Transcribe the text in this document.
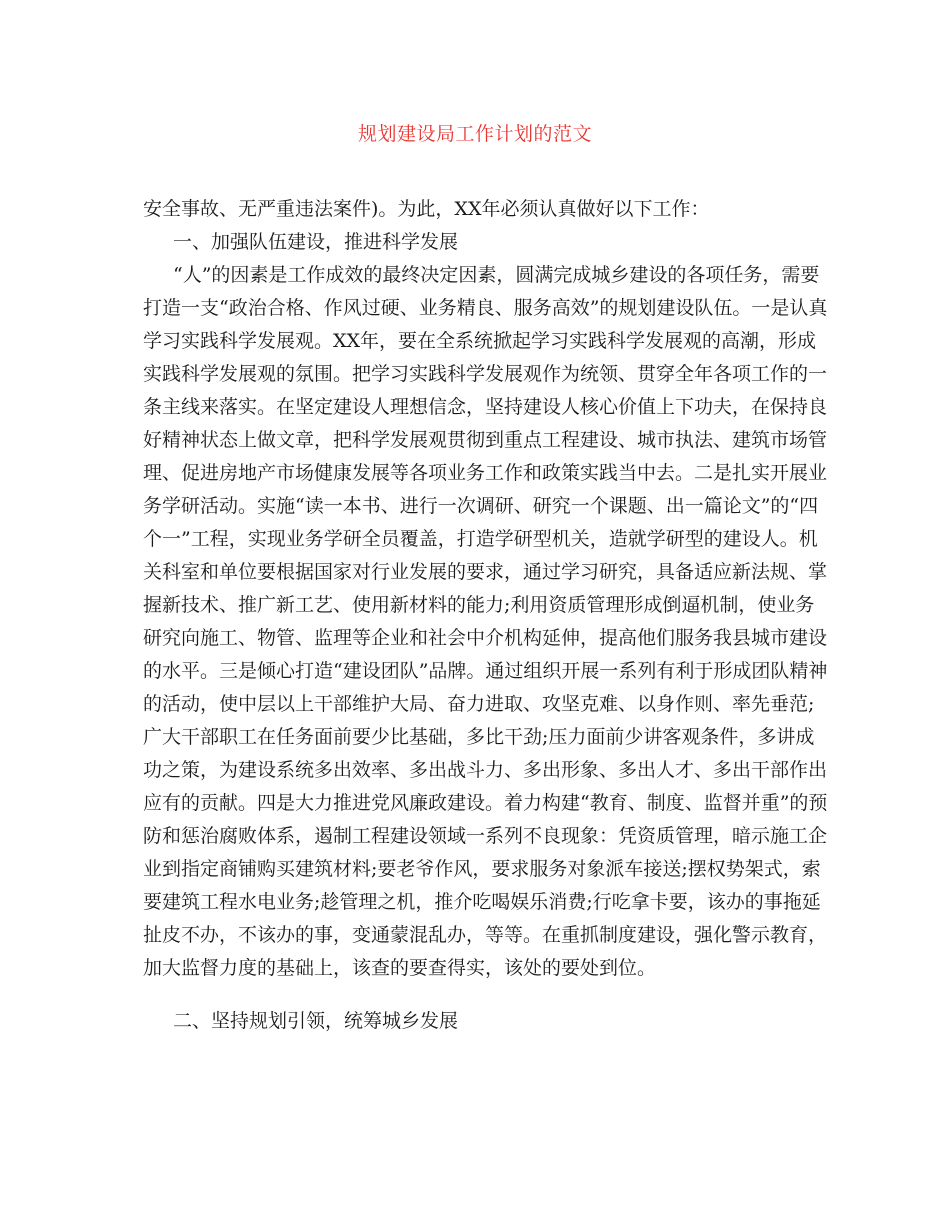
规划建设局工作计划的范文
安全事故、无严重违法案件)。为此，XX年必须认真做好以下工作：
一、加强队伍建设，推进科学发展
“人”的因素是工作成效的最终决定因素，圆满完成城乡建设的各项任务，需要
打造一支“政治合格、作风过硬、业务精良、服务高效”的规划建设队伍。一是认真
学习实践科学发展观。XX年，要在全系统掀起学习实践科学发展观的高潮，形成
实践科学发展观的氛围。把学习实践科学发展观作为统领、贯穿全年各项工作的一
条主线来落实。在坚定建设人理想信念，坚持建设人核心价值上下功夫，在保持良
好精神状态上做文章，把科学发展观贯彻到重点工程建设、城市执法、建筑市场管
理、促进房地产市场健康发展等各项业务工作和政策实践当中去。二是扎实开展业
务学研活动。实施“读一本书、进行一次调研、研究一个课题、出一篇论文”的“四
个一”工程，实现业务学研全员覆盖，打造学研型机关，造就学研型的建设人。机
关科室和单位要根据国家对行业发展的要求，通过学习研究，具备适应新法规、掌
握新技术、推广新工艺、使用新材料的能力;利用资质管理形成倒逼机制，使业务
研究向施工、物管、监理等企业和社会中介机构延伸，提高他们服务我县城市建设
的水平。三是倾心打造“建设团队”品牌。通过组织开展一系列有利于形成团队精神
的活动，使中层以上干部维护大局、奋力进取、攻坚克难、以身作则、率先垂范;
广大干部职工在任务面前要少比基础，多比干劲;压力面前少讲客观条件，多讲成
功之策，为建设系统多出效率、多出战斗力、多出形象、多出人才、多出干部作出
应有的贡献。四是大力推进党风廉政建设。着力构建“教育、制度、监督并重”的预
防和惩治腐败体系，遏制工程建设领域一系列不良现象：凭资质管理，暗示施工企
业到指定商铺购买建筑材料;要老爷作风，要求服务对象派车接送;摆权势架式，索
要建筑工程水电业务;趁管理之机，推介吃喝娱乐消费;行吃拿卡要，该办的事拖延
扯皮不办，不该办的事，变通蒙混乱办，等等。在重抓制度建设，强化警示教育，
加大监督力度的基础上，该查的要查得实，该处的要处到位。
二、坚持规划引领，统筹城乡发展
